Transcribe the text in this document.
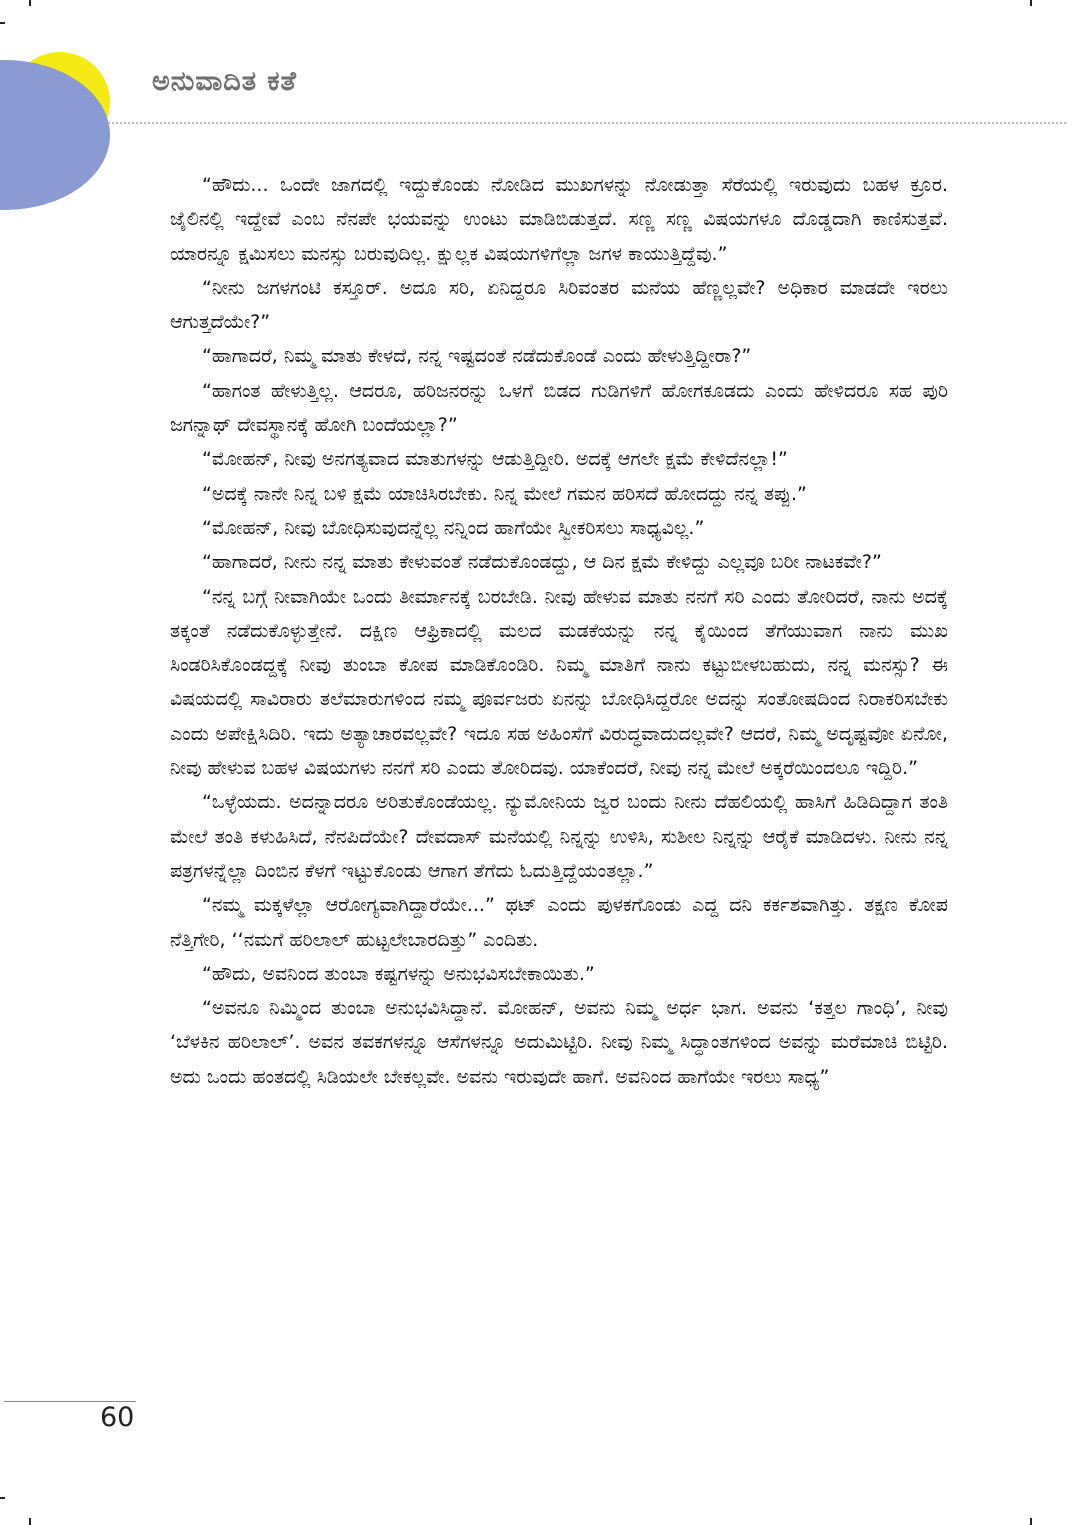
ಅನುವಾದಿತ ಕತೆ

“ಹೌದು... ಒಂದೇ ಜಾಗದಲ್ಲಿ ಇದ್ದುಕೊಂಡು ನೋಡಿದ ಮುಖಗಳನ್ನು ನೋಡುತ್ತಾ ಸೆರೆಯಲ್ಲಿ ಇರುವುದು ಬಹಳ ಕ್ರೂರ. ಜೈಲಿನಲ್ಲಿ ಇದ್ದೇವೆ ಎಂಬ ನೆನಪೇ ಭಯವನ್ನು ಉಂಟು ಮಾಡಿಬಿಡುತ್ತದೆ. ಸಣ್ಣ ಸಣ್ಣ ವಿಷಯಗಳೂ ದೊಡ್ಡದಾಗಿ ಕಾಣಿಸುತ್ತವೆ. ಯಾರನ್ನೂ ಕ್ಷಮಿಸಲು ಮನಸ್ಸು ಬರುವುದಿಲ್ಲ. ಕ್ಷುಲ್ಲಕ ವಿಷಯಗಳಿಗೆಲ್ಲಾ ಜಗಳ ಕಾಯುತ್ತಿದ್ದೆವು.”

“ನೀನು ಜಗಳಗಂಟಿ ಕಸ್ತೂರ್. ಅದೂ ಸರಿ, ಏನಿದ್ದರೂ ಸಿರಿವಂತರ ಮನೆಯ ಹೆಣ್ಣಲ್ಲವೇ? ಅಧಿಕಾರ ಮಾಡದೇ ಇರಲು ಆಗುತ್ತದೆಯೇ?”

“ಹಾಗಾದರೆ, ನಿಮ್ಮ ಮಾತು ಕೇಳದೆ, ನನ್ನ ಇಷ್ಟದಂತೆ ನಡೆದುಕೊಂಡೆ ಎಂದು ಹೇಳುತ್ತಿದ್ದೀರಾ?”

“ಹಾಗಂತ ಹೇಳುತ್ತಿಲ್ಲ. ಆದರೂ, ಹರಿಜನರನ್ನು ಒಳಗೆ ಬಿಡದ ಗುಡಿಗಳಿಗೆ ಹೋಗಕೂಡದು ಎಂದು ಹೇಳಿದರೂ ಸಹ ಪುರಿ ಜಗನ್ನಾಥ್ ದೇವಸ್ಥಾನಕ್ಕೆ ಹೋಗಿ ಬಂದೆಯಲ್ಲಾ?”

“ಮೋಹನ್, ನೀವು ಅನಗತ್ಯವಾದ ಮಾತುಗಳನ್ನು ಆಡುತ್ತಿದ್ದೀರಿ. ಅದಕ್ಕೆ ಆಗಲೇ ಕ್ಷಮೆ ಕೇಳಿದೆನಲ್ಲಾ!”

“ಅದಕ್ಕೆ ನಾನೇ ನಿನ್ನ ಬಳಿ ಕ್ಷಮೆ ಯಾಚಿಸಿರಬೇಕು. ನಿನ್ನ ಮೇಲೆ ಗಮನ ಹರಿಸದೆ ಹೋದದ್ದು ನನ್ನ ತಪ್ಪು.”

“ಮೋಹನ್, ನೀವು ಬೋಧಿಸುವುದನ್ನೆಲ್ಲ ನನ್ನಿಂದ ಹಾಗೆಯೇ ಸ್ವೀಕರಿಸಲು ಸಾಧ್ಯವಿಲ್ಲ.”

“ಹಾಗಾದರೆ, ನೀನು ನನ್ನ ಮಾತು ಕೇಳುವಂತೆ ನಡೆದುಕೊಂಡದ್ದು, ಆ ದಿನ ಕ್ಷಮೆ ಕೇಳಿದ್ದು ಎಲ್ಲವೂ ಬರೀ ನಾಟಕವೇ?”

“ನನ್ನ ಬಗ್ಗೆ ನೀವಾಗಿಯೇ ಒಂದು ತೀರ್ಮಾನಕ್ಕೆ ಬರಬೇಡಿ. ನೀವು ಹೇಳುವ ಮಾತು ನನಗೆ ಸರಿ ಎಂದು ತೋರಿದರೆ, ನಾನು ಅದಕ್ಕೆ ತಕ್ಕಂತೆ ನಡೆದುಕೊಳ್ಳುತ್ತೇನೆ. ದಕ್ಷಿಣ ಆಫ್ರಿಕಾದಲ್ಲಿ ಮಲದ ಮಡಕೆಯನ್ನು ನನ್ನ ಕೈಯಿಂದ ತೆಗೆಯುವಾಗ ನಾನು ಮುಖ ಸಿಂಡರಿಸಿಕೊಂಡದ್ದಕ್ಕೆ ನೀವು ತುಂಬಾ ಕೋಪ ಮಾಡಿಕೊಂಡಿರಿ. ನಿಮ್ಮ ಮಾತಿಗೆ ನಾನು ಕಟ್ಟುಬೀಳಬಹುದು, ನನ್ನ ಮನಸ್ಸು? ಈ ವಿಷಯದಲ್ಲಿ ಸಾವಿರಾರು ತಲೆಮಾರುಗಳಿಂದ ನಮ್ಮ ಪೂರ್ವಜರು ಏನನ್ನು ಬೋಧಿಸಿದ್ದರೋ ಅದನ್ನು ಸಂತೋಷದಿಂದ ನಿರಾಕರಿಸಬೇಕು ಎಂದು ಅಪೇಕ್ಷಿಸಿದಿರಿ. ಇದು ಅತ್ಯಾಚಾರವಲ್ಲವೇ? ಇದೂ ಸಹ ಅಹಿಂಸೆಗೆ ವಿರುದ್ಧವಾದುದಲ್ಲವೇ? ಆದರೆ, ನಿಮ್ಮ ಅದೃಷ್ಟವೋ ಏನೋ, ನೀವು ಹೇಳುವ ಬಹಳ ವಿಷಯಗಳು ನನಗೆ ಸರಿ ಎಂದು ತೋರಿದವು. ಯಾಕೆಂದರೆ, ನೀವು ನನ್ನ ಮೇಲೆ ಅಕ್ಕರೆಯಿಂದಲೂ ಇದ್ದಿರಿ.”

“ಒಳ್ಳೆಯದು. ಅದನ್ನಾದರೂ ಅರಿತುಕೊಂಡೆಯಲ್ಲ. ನ್ಯುಮೋನಿಯ ಜ್ವರ ಬಂದು ನೀನು ದೆಹಲಿಯಲ್ಲಿ ಹಾಸಿಗೆ ಹಿಡಿದಿದ್ದಾಗ ತಂತಿ ಮೇಲೆ ತಂತಿ ಕಳುಹಿಸಿದೆ, ನೆನಪಿದೆಯೇ? ದೇವದಾಸ್ ಮನೆಯಲ್ಲಿ ನಿನ್ನನ್ನು ಉಳಿಸಿ, ಸುಶೀಲ ನಿನ್ನನ್ನು ಆರೈಕೆ ಮಾಡಿದಳು. ನೀನು ನನ್ನ ಪತ್ರಗಳನ್ನೆಲ್ಲಾ ದಿಂಬಿನ ಕೆಳಗೆ ಇಟ್ಟುಕೊಂಡು ಆಗಾಗ ತೆಗೆದು ಓದುತ್ತಿದ್ದೆಯಂತಲ್ಲಾ.”

“ನಮ್ಮ ಮಕ್ಕಳೆಲ್ಲಾ ಆರೋಗ್ಯವಾಗಿದ್ದಾರೆಯೇ...” ಥಟ್ ಎಂದು ಪುಳಕಗೊಂಡು ಎದ್ದ ದನಿ ಕರ್ಕಶವಾಗಿತ್ತು. ತಕ್ಷಣ ಕೋಪ ನೆತ್ತಿಗೇರಿ, ‘‘ನಮಗೆ ಹರಿಲಾಲ್ ಹುಟ್ಟಲೇಬಾರದಿತ್ತು” ಎಂದಿತು.

“ಹೌದು, ಅವನಿಂದ ತುಂಬಾ ಕಷ್ಟಗಳನ್ನು ಅನುಭವಿಸಬೇಕಾಯಿತು.”

“ಅವನೂ ನಿಮ್ಮಿಂದ ತುಂಬಾ ಅನುಭವಿಸಿದ್ದಾನೆ. ಮೋಹನ್, ಅವನು ನಿಮ್ಮ ಅರ್ಧ ಭಾಗ. ಅವನು ‘ಕತ್ತಲ ಗಾಂಧಿ’, ನೀವು ‘ಬೆಳಕಿನ ಹರಿಲಾಲ್’. ಅವನ ತವಕಗಳನ್ನೂ ಆಸೆಗಳನ್ನೂ ಅದುಮಿಟ್ಟಿರಿ. ನೀವು ನಿಮ್ಮ ಸಿದ್ಧಾಂತಗಳಿಂದ ಅವನ್ನು ಮರೆಮಾಚಿ ಬಿಟ್ಟಿರಿ. ಅದು ಒಂದು ಹಂತದಲ್ಲಿ ಸಿಡಿಯಲೇ ಬೇಕಲ್ಲವೇ. ಅವನು ಇರುವುದೇ ಹಾಗೆ. ಅವನಿಂದ ಹಾಗೆಯೇ ಇರಲು ಸಾಧ್ಯ”

60
